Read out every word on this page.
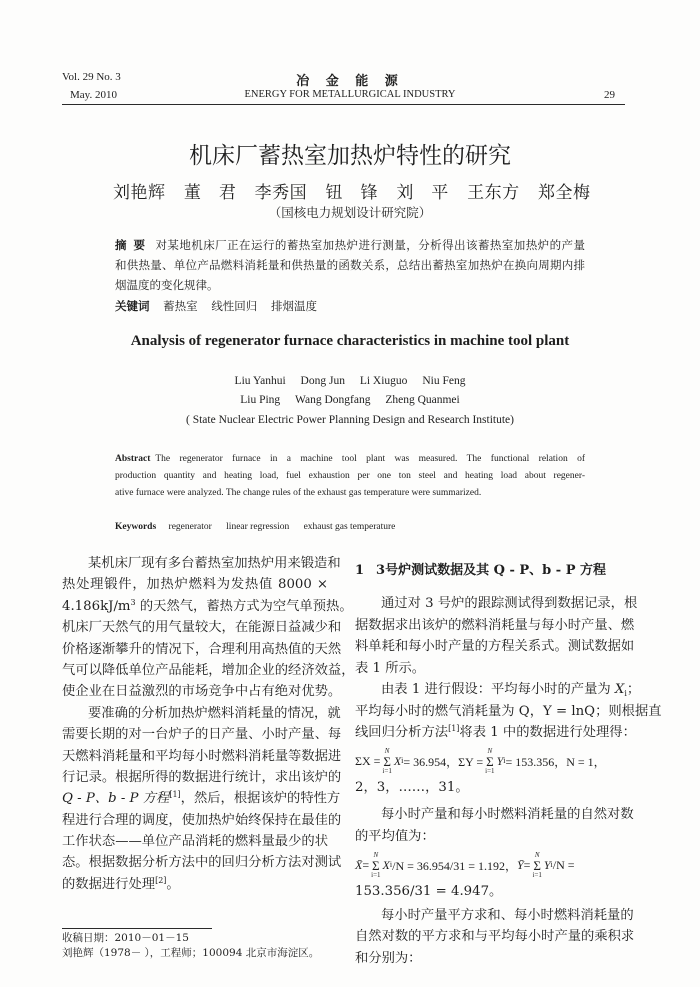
Vol. 29 No. 3
May. 2010
冶 金 能 源
ENERGY FOR METALLURGICAL INDUSTRY	29
机床厂蓄热室加热炉特性的研究
刘艳辉 董 君 李秀国 钮 锋 刘 平 王东方 郑全梅
（国核电力规划设计研究院）
摘 要 对某地机床厂正在运行的蓄热室加热炉进行测量，分析得出该蓄热室加热炉的产量
和供热量、单位产品燃料消耗量和供热量的函数关系，总结出蓄热室加热炉在换向周期内排
烟温度的变化规律。
关键词 蓄热室 线性回归 排烟温度
Analysis of regenerator furnace characteristics in machine tool plant
Liu Yanhui Dong Jun Li Xiuguo Niu Feng
Liu Ping Wang Dongfang Zheng Quanmei
( State Nuclear Electric Power Planning Design and Research Institute)
Abstract The regenerator furnace in a machine tool plant was measured. The functional relation of
production quantity and heating load, fuel exhaustion per one ton steel and heating load about regener-
ative furnace were analyzed. The change rules of the exhaust gas temperature were summarized.
Keywords regenerator linear regression exhaust gas temperature
某机床厂现有多台蓄热室加热炉用来锻造和
热处理锻件，加热炉燃料为发热值 8000 ×
$4.186kJ/m^3$ 的天然气，蓄热方式为空气单预热。
机床厂天然气的用气量较大，在能源日益减少和
价格逐渐攀升的情况下，合理利用高热值的天然
气可以降低单位产品能耗，增加企业的经济效益，
使企业在日益激烈的市场竞争中占有绝对优势。
要准确的分析加热炉燃料消耗量的情况，就
需要长期的对一台炉子的日产量、小时产量、每
天燃料消耗量和平均每小时燃料消耗量等数据进
行记录。根据所得的数据进行统计，求出该炉的
Q - P、b - P 方程[1]，然后，根据该炉的特性方
程进行合理的调度，使加热炉始终保持在最佳的
工作状态——单位产品消耗的燃料量最少的状
态。根据数据分析方法中的回归分析方法对测试
的数据进行处理[2]。
收稿日期：2010－01－15
刘艳辉（1978－ ），工程师；100094 北京市海淀区。
1 3号炉测试数据及其 Q - P、b - P 方程
通过对 3 号炉的跟踪测试得到数据记录，根
据数据求出该炉的燃料消耗量与每小时产量、燃
料单耗和每小时产量的方程关系式。测试数据如
表 1 所示。
由表 1 进行假设：平均每小时的产量为 $X_i$；
平均每小时的燃气消耗量为 Q，Y = lnQ；则根据直
线回归分析方法[1]将表 1 中的数据进行处理得：
ΣX =
N
Σ
i=1
X i = 36.954，ΣY =
N
Σ
i=1
Y i = 153.356，N = 1，
2，3，……，31。
每小时产量和每小时燃料消耗量的自然对数
的平均值为：
X̄ =
N
Σ
i=1
X i /N = 36.954/31 = 1.192， Ȳ =
N
Σ
i=1
Y i /N =
153.356/31 = 4.947。
每小时产量平方求和、每小时燃料消耗量的
自然对数的平方求和与平均每小时产量的乘积求
和分别为：
